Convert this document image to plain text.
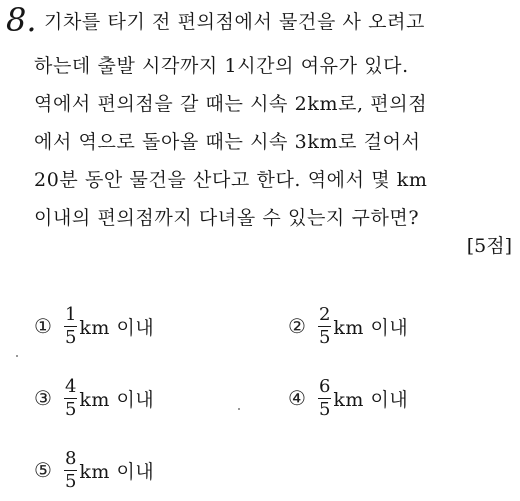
8. 기차를 타기 전 편의점에서 물건을 사 오려고
하는데 출발 시각까지 1시간의 여유가 있다.
역에서 편의점을 갈 때는 시속 2km로, 편의점
에서 역으로 돌아올 때는 시속 3km로 걸어서
20분 동안 물건을 산다고 한다. 역에서 몇 km
이내의 편의점까지 다녀올 수 있는지 구하면?
[5점]
① $\frac{1}{5}$ km 이내	② $\frac{2}{5}$ km 이내
③ $\frac{4}{5}$ km 이내	④ $\frac{6}{5}$ km 이내
⑤ $\frac{8}{5}$ km 이내
